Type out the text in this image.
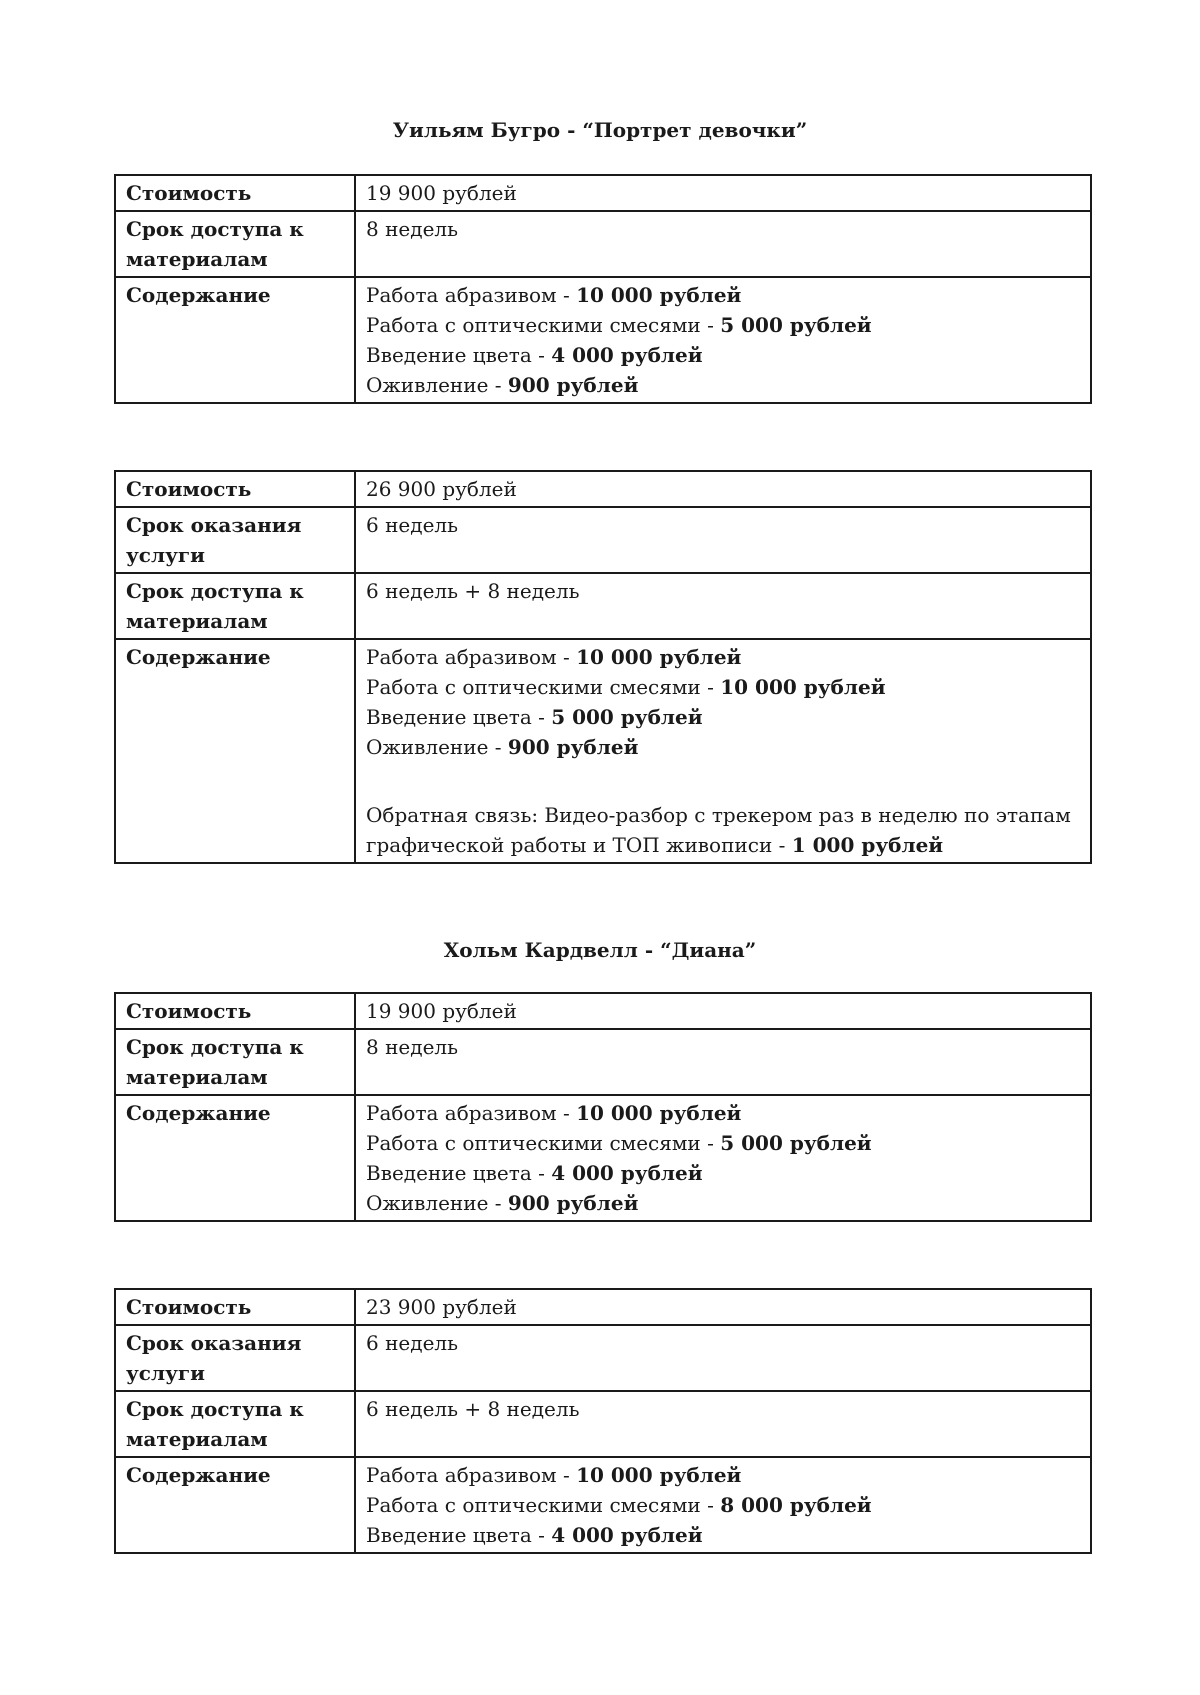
Уильям Бугро - “Портрет девочки”
Стоимость	19 900 рублей
Срок доступа к материалам	8 недель
Содержание	Работа абразивом - 10 000 рублей
Работа с оптическими смесями - 5 000 рублей
Введение цвета - 4 000 рублей
Оживление - 900 рублей
Стоимость	26 900 рублей
Срок оказания услуги	6 недель
Срок доступа к материалам	6 недель + 8 недель
Содержание	Работа абразивом - 10 000 рублей
Работа с оптическими смесями - 10 000 рублей
Введение цвета - 5 000 рублей
Оживление - 900 рублей
Обратная связь: Видео-разбор с трекером раз в неделю по этапам графической работы и ТОП живописи - 1 000 рублей
Хольм Кардвелл - “Диана”
Стоимость	19 900 рублей
Срок доступа к материалам	8 недель
Содержание	Работа абразивом - 10 000 рублей
Работа с оптическими смесями - 5 000 рублей
Введение цвета - 4 000 рублей
Оживление - 900 рублей
Стоимость	23 900 рублей
Срок оказания услуги	6 недель
Срок доступа к материалам	6 недель + 8 недель
Содержание	Работа абразивом - 10 000 рублей
Работа с оптическими смесями - 8 000 рублей
Введение цвета - 4 000 рублей
